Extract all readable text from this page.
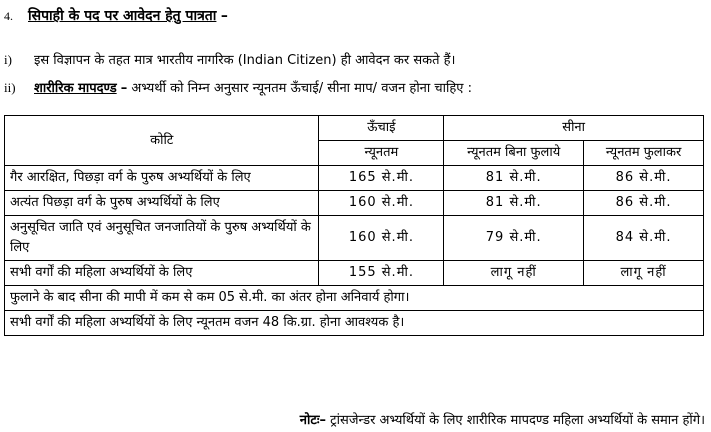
4. सिपाही के पद पर आवेदन हेतु पात्रता –
i) इस विज्ञापन के तहत मात्र भारतीय नागरिक (Indian Citizen) ही आवेदन कर सकते हैं।
ii) शारीरिक मापदण्ड – अभ्यर्थी को निम्न अनुसार न्यूनतम ऊँचाई/ सीना माप/ वजन होना चाहिए :
कोटि	ऊँचाई	सीना	
	न्यूनतम	न्यूनतम बिना फुलाये	न्यूनतम फुलाकर
गैर आरक्षित, पिछड़ा वर्ग के पुरुष अभ्यर्थियों के लिए	165 से.मी.	81 से.मी.	86 से.मी.
अत्यंत पिछड़ा वर्ग के पुरुष अभ्यर्थियों के लिए	160 से.मी.	81 से.मी.	86 से.मी.
अनुसूचित जाति एवं अनुसूचित जनजातियों के पुरुष अभ्यर्थियों के लिए	160 से.मी.	79 से.मी.	84 से.मी.
सभी वर्गों की महिला अभ्यर्थियों के लिए	155 से.मी.	लागू नहीं	लागू नहीं
फुलाने के बाद सीना की मापी में कम से कम 05 से.मी. का अंतर होना अनिवार्य होगा।			
सभी वर्गों की महिला अभ्यर्थियों के लिए न्यूनतम वजन 48 कि.ग्रा. होना आवश्यक है।			
नोटः– ट्रांसजेन्डर अभ्यर्थियों के लिए शारीरिक मापदण्ड महिला अभ्यर्थियों के समान होंगे।
